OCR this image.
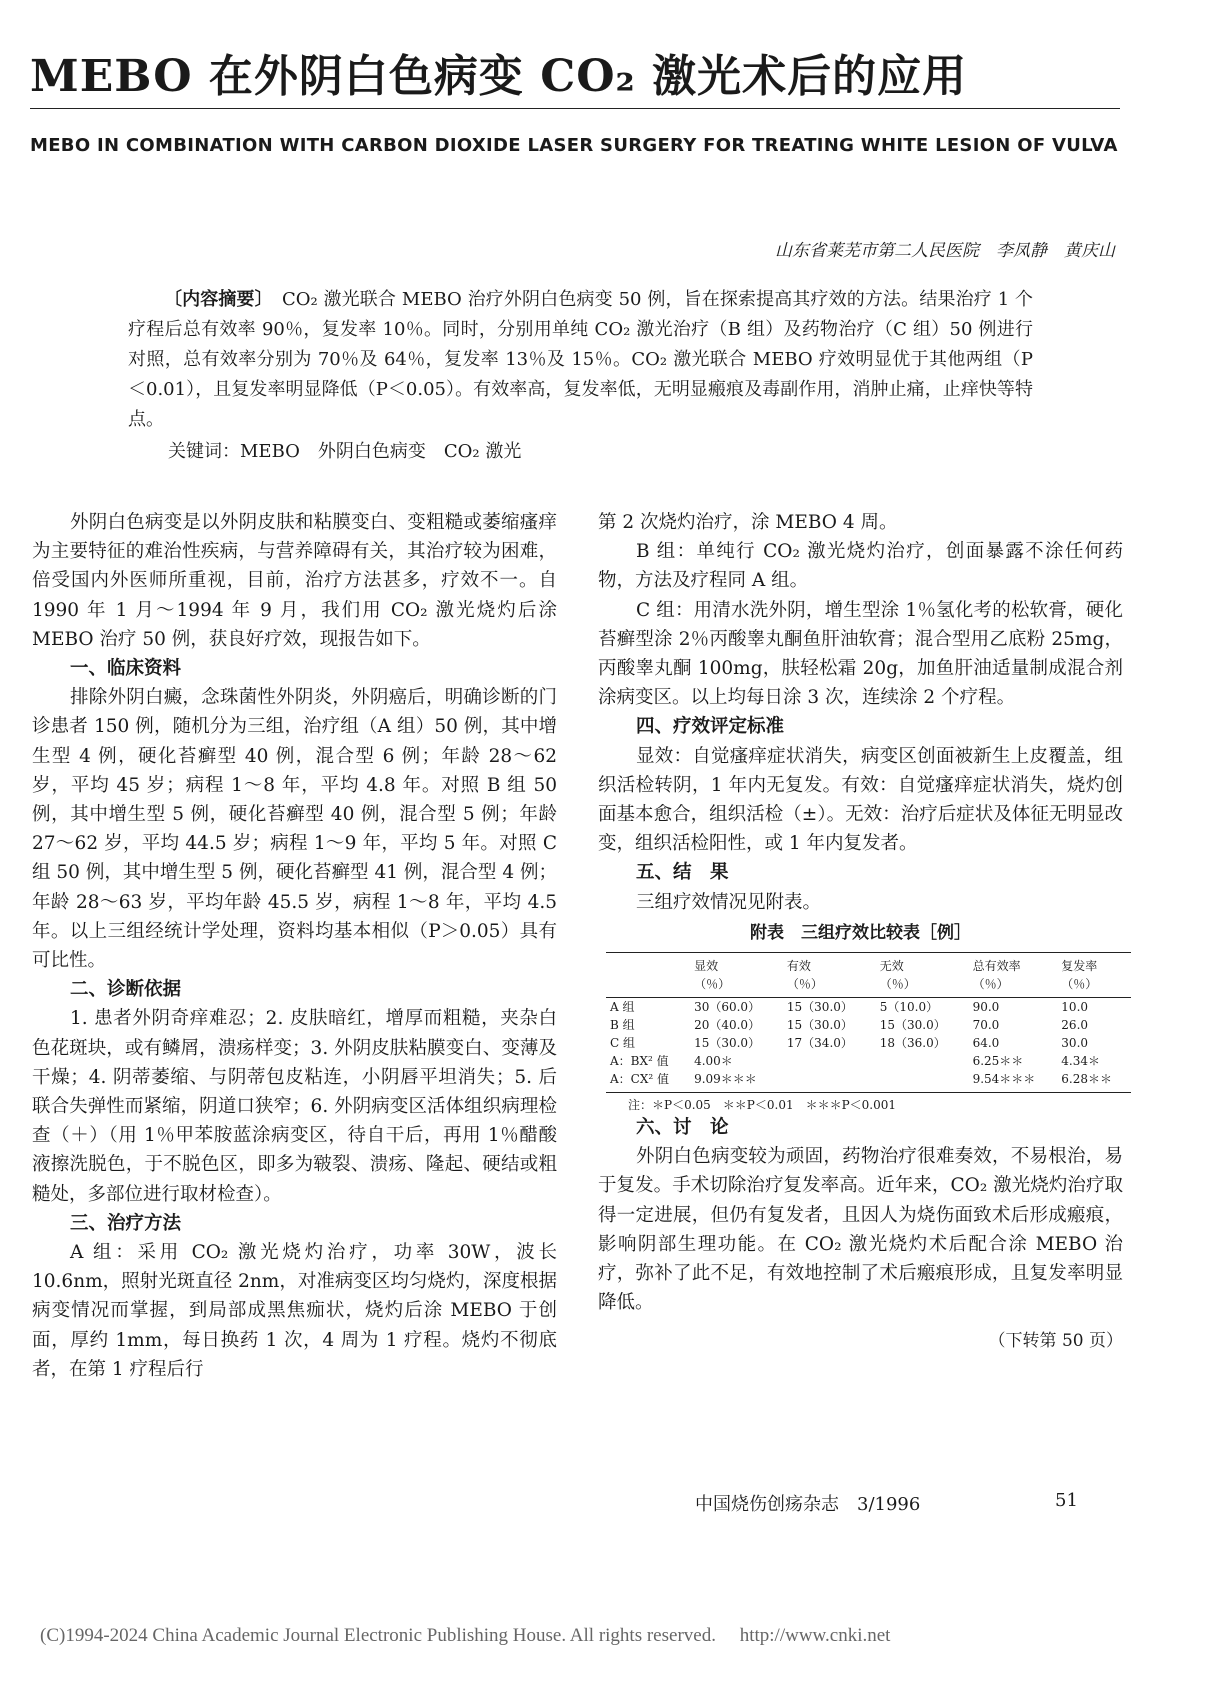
MEBO 在外阴白色病变 CO₂ 激光术后的应用
MEBO IN COMBINATION WITH CARBON DIOXIDE LASER SURGERY FOR TREATING WHITE LESION OF VULVA
山东省莱芜市第二人民医院　李凤静　黄庆山

〔内容摘要〕　 CO₂ 激光联合 MEBO 治疗外阴白色病变 50 例，旨在探索提高其疗效的方法。结果治疗 1 个疗程后总有效率 90％，复发率 10％。同时，分别用单纯 CO₂ 激光治疗（B 组）及药物治疗（C 组）50 例进行对照，总有效率分别为 70％及 64％，复发率 13％及 15％。CO₂ 激光联合 MEBO 疗效明显优于其他两组（P＜0.01），且复发率明显降低（P＜0.05）。有效率高，复发率低，无明显瘢痕及毒副作用，消肿止痛，止痒快等特点。

关键词：MEBO　外阴白色病变　CO₂ 激光

外阴白色病变是以外阴皮肤和粘膜变白、变粗糙或萎缩瘙痒为主要特征的难治性疾病，与营养障碍有关，其治疗较为困难，倍受国内外医师所重视，目前，治疗方法甚多，疗效不一。自 1990 年 1 月～1994 年 9 月，我们用 CO₂ 激光烧灼后涂 MEBO 治疗 50 例，获良好疗效，现报告如下。

一、临床资料

排除外阴白癜，念珠菌性外阴炎，外阴癌后，明确诊断的门诊患者 150 例，随机分为三组，治疗组（A 组）50 例，其中增生型 4 例，硬化苔癣型 40 例，混合型 6 例；年龄 28～62 岁，平均 45 岁；病程 1～8 年，平均 4.8 年。对照 B 组 50 例，其中增生型 5 例，硬化苔癣型 40 例，混合型 5 例；年龄 27～62 岁，平均 44.5 岁；病程 1～9 年，平均 5 年。对照 C 组 50 例，其中增生型 5 例，硬化苔癣型 41 例，混合型 4 例；年龄 28～63 岁，平均年龄 45.5 岁，病程 1～8 年，平均 4.5 年。以上三组经统计学处理，资料均基本相似（P＞0.05）具有可比性。

二、诊断依据

1. 患者外阴奇痒难忍；2. 皮肤暗红，增厚而粗糙，夹杂白色花斑块，或有鳞屑，溃疡样变；3. 外阴皮肤粘膜变白、变薄及干燥；4. 阴蒂萎缩、与阴蒂包皮粘连，小阴唇平坦消失；5. 后联合失弹性而紧缩，阴道口狭窄；6. 外阴病变区活体组织病理检查（＋）（用 1％甲苯胺蓝涂病变区，待自干后，再用 1％醋酸液擦洗脱色，于不脱色区，即多为皲裂、溃疡、隆起、硬结或粗糙处，多部位进行取材检查）。

三、治疗方法

A 组：采用 CO₂ 激光烧灼治疗，功率 30W，波长 10.6nm，照射光斑直径 2nm，对准病变区均匀烧灼，深度根据病变情况而掌握，到局部成黑焦痂状，烧灼后涂 MEBO 于创面，厚约 1mm，每日换药 1 次，4 周为 1 疗程。烧灼不彻底者，在第 1 疗程后行

第 2 次烧灼治疗，涂 MEBO 4 周。

B 组：单纯行 CO₂ 激光烧灼治疗，创面暴露不涂任何药物，方法及疗程同 A 组。

C 组：用清水洗外阴，增生型涂 1％氢化考的松软膏，硬化苔癣型涂 2％丙酸睾丸酮鱼肝油软膏；混合型用乙底粉 25mg，丙酸睾丸酮 100mg，肤轻松霜 20g，加鱼肝油适量制成混合剂涂病变区。以上均每日涂 3 次，连续涂 2 个疗程。

四、疗效评定标准

显效：自觉瘙痒症状消失，病变区创面被新生上皮覆盖，组织活检转阴，1 年内无复发。有效：自觉瘙痒症状消失，烧灼创面基本愈合，组织活检（±）。无效：治疗后症状及体征无明显改变，组织活检阳性，或 1 年内复发者。

五、结　果

三组疗效情况见附表。

附表　三组疗效比较表［例］
	显效	有效	无效	总有效率	复发率
	（％）	（％）	（％）	（％）	（％）
A 组	30（60.0）	15（30.0）	5（10.0）	90.0	10.0
B 组	20（40.0）	15（30.0）	15（30.0）	70.0	26.0
C 组	15（30.0）	17（34.0）	18（36.0）	64.0	30.0
A：BX² 值	4.00＊			6.25＊＊	4.34＊
A：CX² 值	9.09＊＊＊			9.54＊＊＊	6.28＊＊
注：＊P＜0.05　＊＊P＜0.01　＊＊＊P＜0.001
六、讨　论

外阴白色病变较为顽固，药物治疗很难奏效，不易根治，易于复发。手术切除治疗复发率高。近年来，CO₂ 激光烧灼治疗取得一定进展，但仍有复发者，且因人为烧伤面致术后形成瘢痕，影响阴部生理功能。在 CO₂ 激光烧灼术后配合涂 MEBO 治疗，弥补了此不足，有效地控制了术后瘢痕形成，且复发率明显降低。

（下转第 50 页）
中国烧伤创疡杂志　3/1996	51
(C)1994-2024 China Academic Journal Electronic Publishing House. All rights reserved.　 http://www.cnki.net
